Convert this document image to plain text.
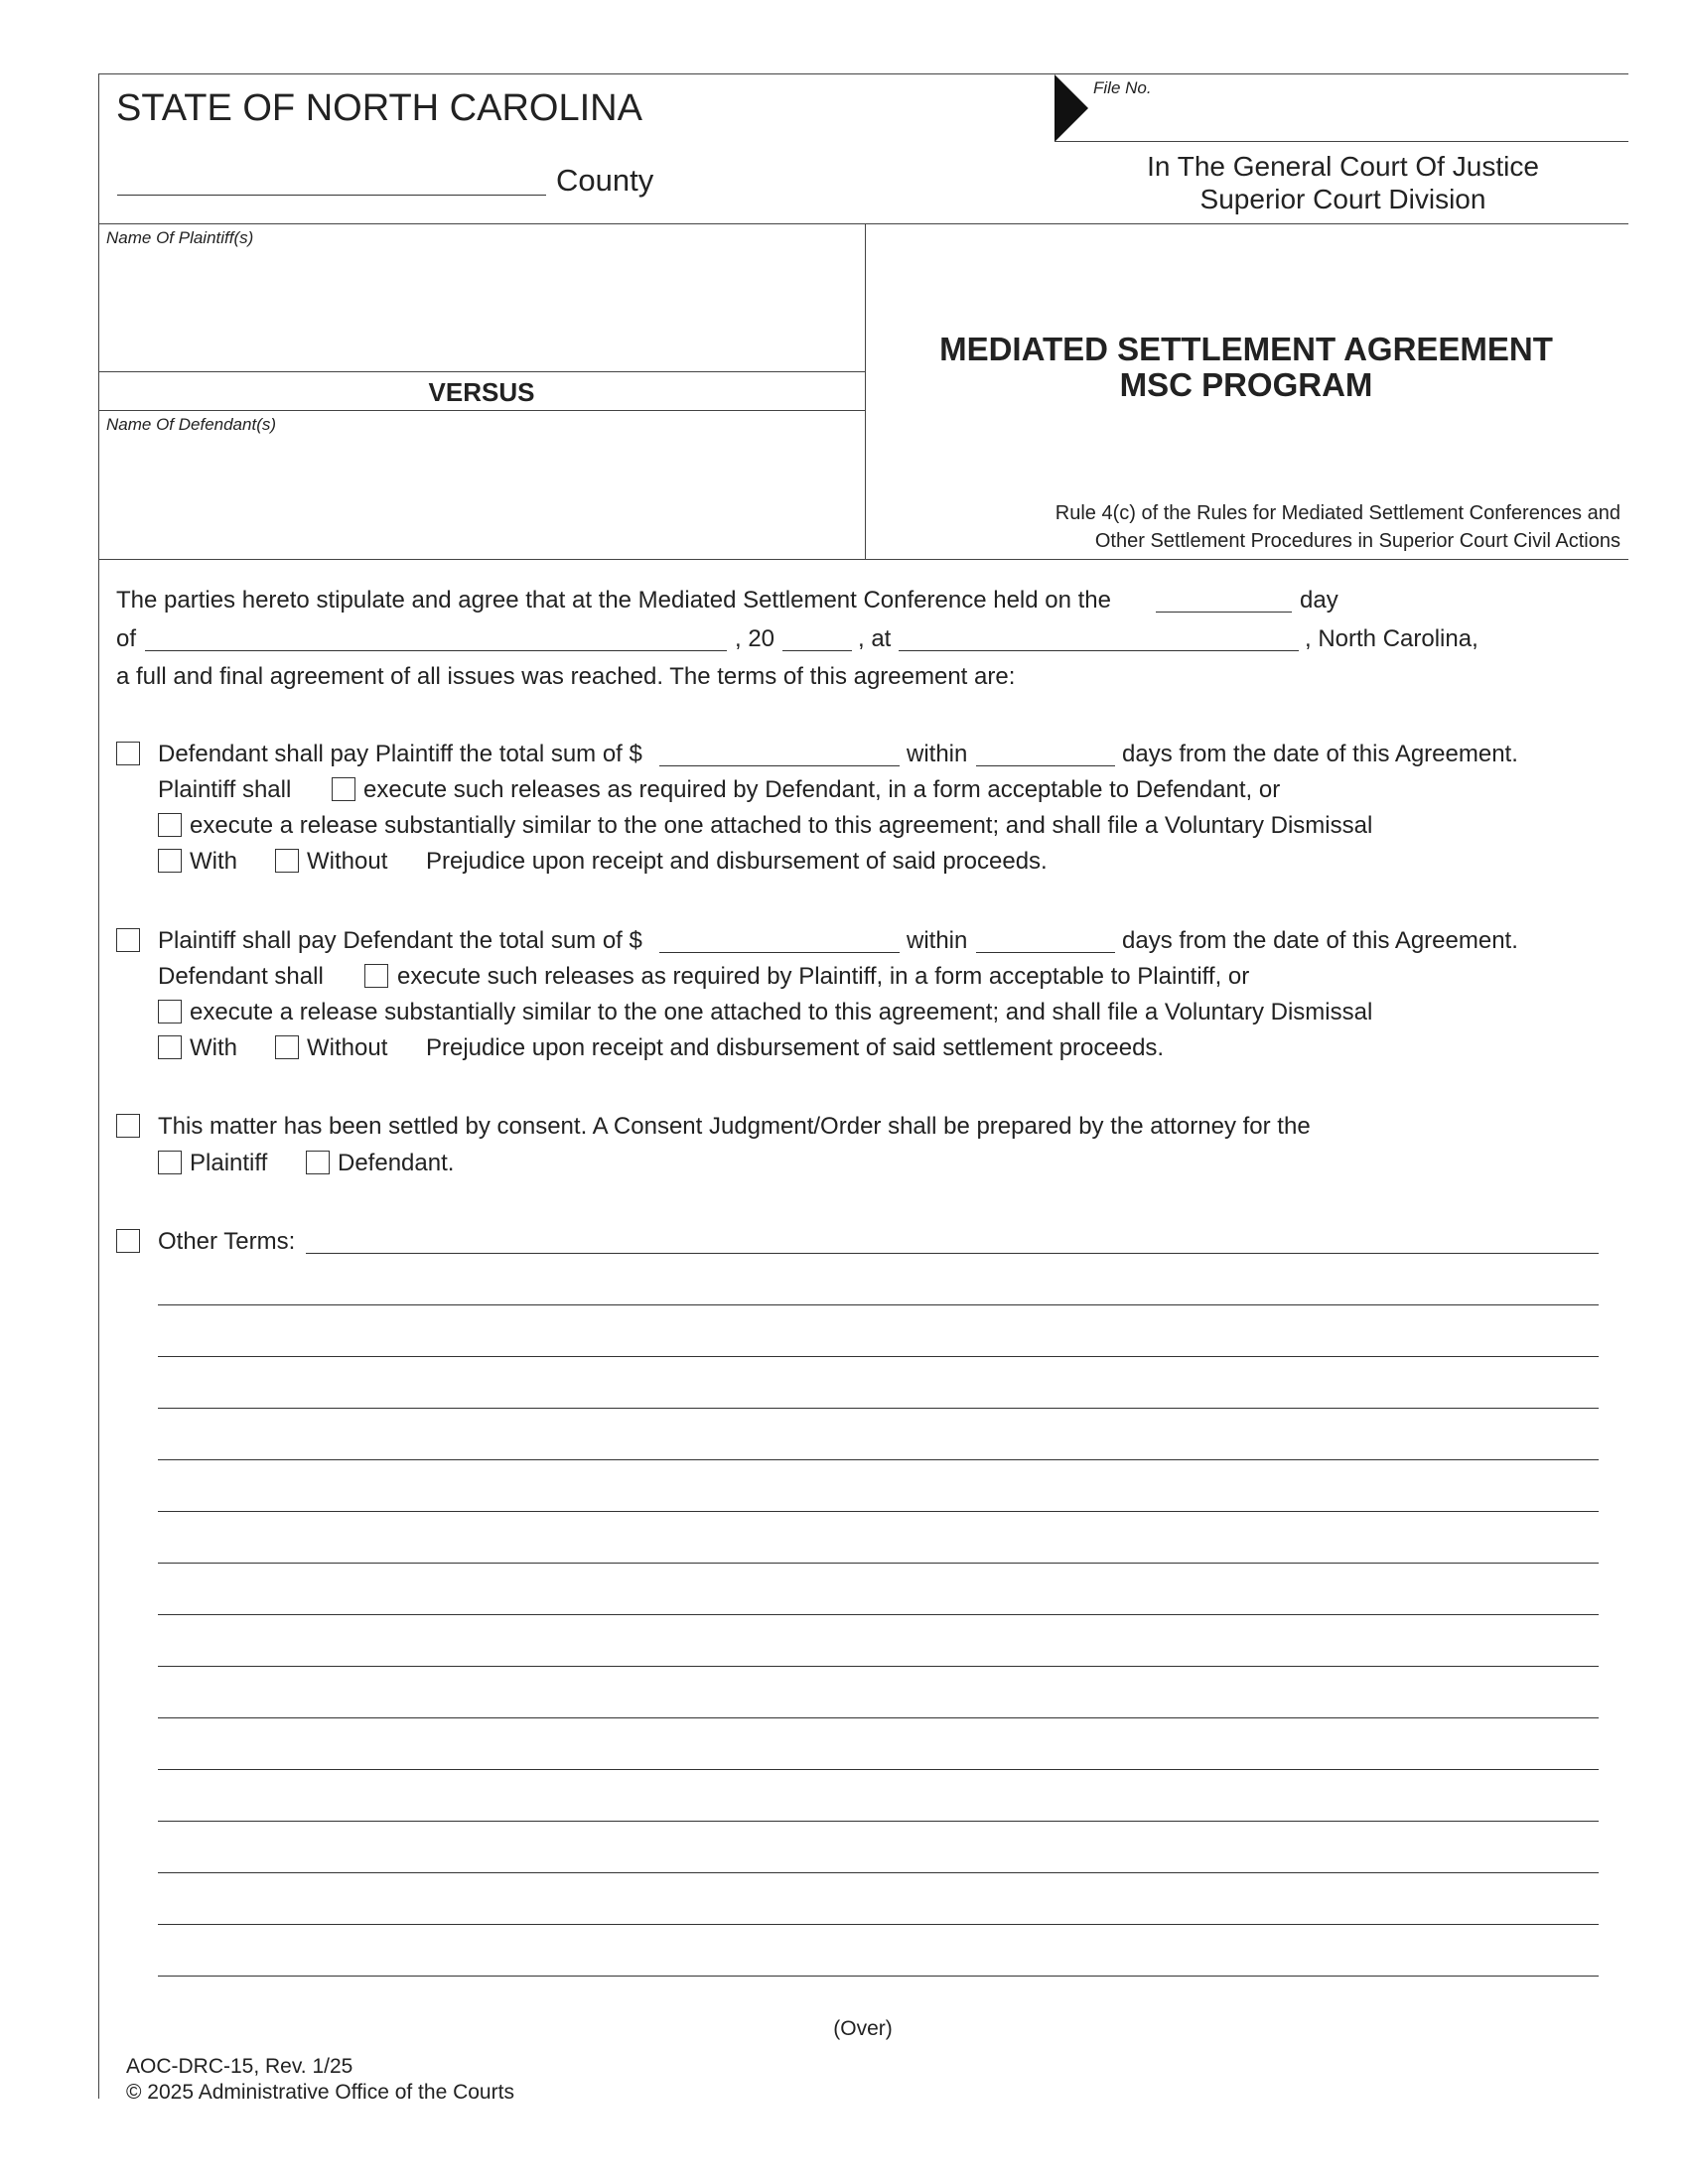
STATE OF NORTH CAROLINA
County
File No.
In The General Court Of Justice
Superior Court Division
Name Of Plaintiff(s)
VERSUS
Name Of Defendant(s)
MEDIATED SETTLEMENT AGREEMENT
MSC PROGRAM
Rule 4(c) of the Rules for Mediated Settlement Conferences and
Other Settlement Procedures in Superior Court Civil Actions
The parties hereto stipulate and agree that at the Mediated Settlement Conference held on the	day
of	, 20	, at	, North Carolina,
a full and final agreement of all issues was reached. The terms of this agreement are:
Defendant shall pay Plaintiff the total sum of $	within	days from the date of this Agreement.
Plaintiff shall	execute such releases as required by Defendant, in a form acceptable to Defendant, or
execute a release substantially similar to the one attached to this agreement; and shall file a Voluntary Dismissal
With	Without Prejudice upon receipt and disbursement of said proceeds.
Plaintiff shall pay Defendant the total sum of $	within	days from the date of this Agreement.
Defendant shall	execute such releases as required by Plaintiff, in a form acceptable to Plaintiff, or
execute a release substantially similar to the one attached to this agreement; and shall file a Voluntary Dismissal
With	Without Prejudice upon receipt and disbursement of said settlement proceeds.
This matter has been settled by consent. A Consent Judgment/Order shall be prepared by the attorney for the
Plaintiff	Defendant.
Other Terms:
(Over)
AOC-DRC-15, Rev. 1/25
© 2025 Administrative Office of the Courts
